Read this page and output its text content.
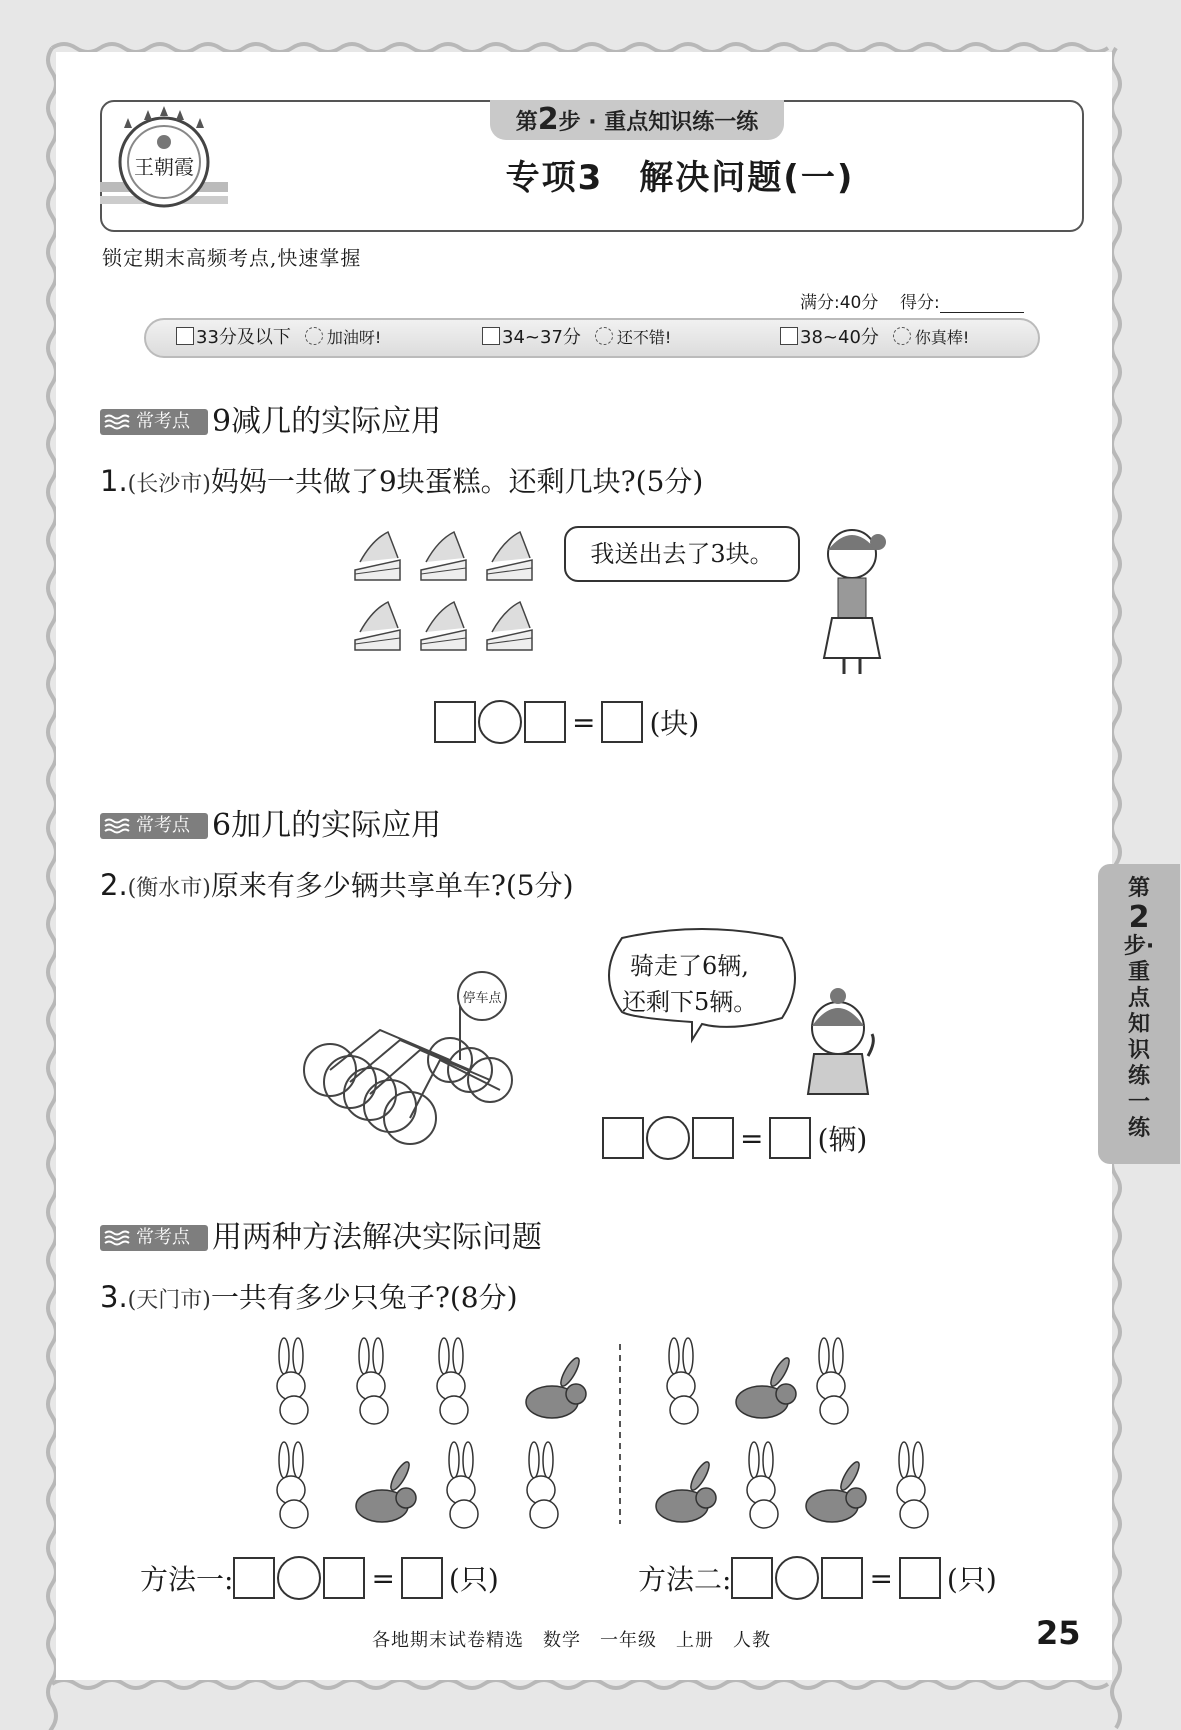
王朝霞
第2步 · 重点知识练一练
专项3　解决问题(一)
锁定期末高频考点,快速掌握
满分:40分 得分:
33分及以下 加油呀!	34~37分 还不错!	38~40分 你真棒!
常考点 9减几的实际应用
1.(长沙市)妈妈一共做了9块蛋糕。还剩几块?(5分)
我送出去了3块。
= (块)
常考点 6加几的实际应用
2.(衡水市)原来有多少辆共享单车?(5分)
停车点
骑走了6辆,
还剩下5辆。
= (辆)
常考点 用两种方法解决实际问题
3.(天门市)一共有多少只兔子?(8分)
方法一:	= (只)	方法二:	= (只)
第
2
步·
重
点
知
识
练
一
练
各地期末试卷精选　数学　一年级　上册　人教	25
